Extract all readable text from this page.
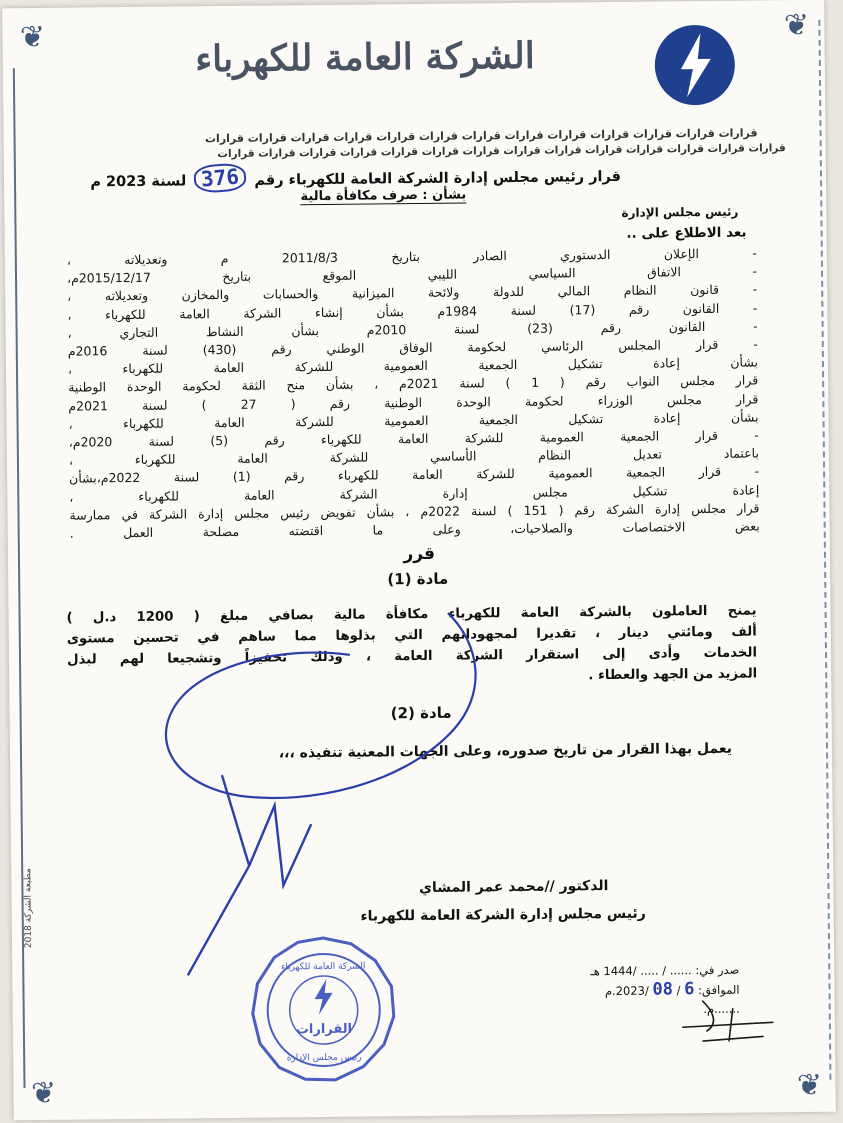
❦	❦
❦	❦
الشركة العامة للكهرباء
قرارات قرارات قرارات قرارات قرارات قرارات قرارات قرارات قرارات قرارات قرارات قرارات قرارات
قرارات قرارات قرارات قرارات قرارات قرارات قرارات قرارات قرارات قرارات قرارات قرارات قرارات قرارات
قرار رئيس مجلس إدارة الشركة العامة للكهرباء رقم 376 لسنة 2023 م
بشأن : صرف مكافأة مالية
رئيس مجلس الإدارة
بعد الاطلاع على ..
- الإعلان الدستوري الصادر بتاريخ 2011/8/3 م وتعديلاته ،
- الاتفاق السياسي الليبي الموقع بتاريخ 2015/12/17م،
- قانون النظام المالي للدولة ولائحة الميزانية والحسابات والمخازن وتعديلاته ،
- القانون رقم (17) لسنة 1984م بشأن إنشاء الشركة العامة للكهرباء ،
- القانون رقم (23) لسنة 2010م بشأن النشاط التجاري ،
- قرار المجلس الرئاسي لحكومة الوفاق الوطني رقم (430) لسنة 2016م
بشأن إعادة تشكيل الجمعية العمومية للشركة العامة للكهرباء ،
قرار مجلس النواب رقم ( 1 ) لسنة 2021م ، بشأن منح الثقة لحكومة الوحدة الوطنية
قرار مجلس الوزراء لحكومة الوحدة الوطنية رقم ( 27 ) لسنة 2021م
بشأن إعادة تشكيل الجمعية العمومية للشركة العامة للكهرباء ،
- قرار الجمعية العمومية للشركة العامة للكهرباء رقم (5) لسنة 2020م،
باعتماد تعديل النظام الأساسي للشركة العامة للكهرباء ،
- قرار الجمعية العمومية للشركة العامة للكهرباء رقم (1) لسنة 2022م،بشأن
إعادة تشكيل مجلس إدارة الشركة العامة للكهرباء ،
قرار مجلس إدارة الشركة رقم ( 151 ) لسنة 2022م ، بشأن تفويض رئيس مجلس إدارة الشركة في ممارسة
بعض الاختصاصات والصلاحيات، وعلى ما اقتضته مصلحة العمل .
قرر
مادة (1)
يمنح العاملون بالشركة العامة للكهرباء مكافأة مالية بصافي مبلغ ( 1200 د.ل )
ألف ومائتي دينار ، تقديرا لمجهوداتهم التي بذلوها مما ساهم في تحسين مستوى
الخدمات وأدى إلى استقرار الشركة العامة ، وذلك تحفيزاً وتشجيعا لهم لبذل
المزيد من الجهد والعطاء .
مادة (2)
يعمل بهذا القرار من تاريخ صدوره، وعلى الجهات المعنية تنفيذه ،،،
الدكتور //محمد عمر المشاي
رئيس مجلس إدارة الشركة العامة للكهرباء
صدر في: ...... / ..... /1444 هـ
الموافق: 6 / 08 /2023.م
.......م.
مطبعة الشركة 2018
القرارات
الشركة العامة للكهرباء
رئيس مجلس الإدارة
